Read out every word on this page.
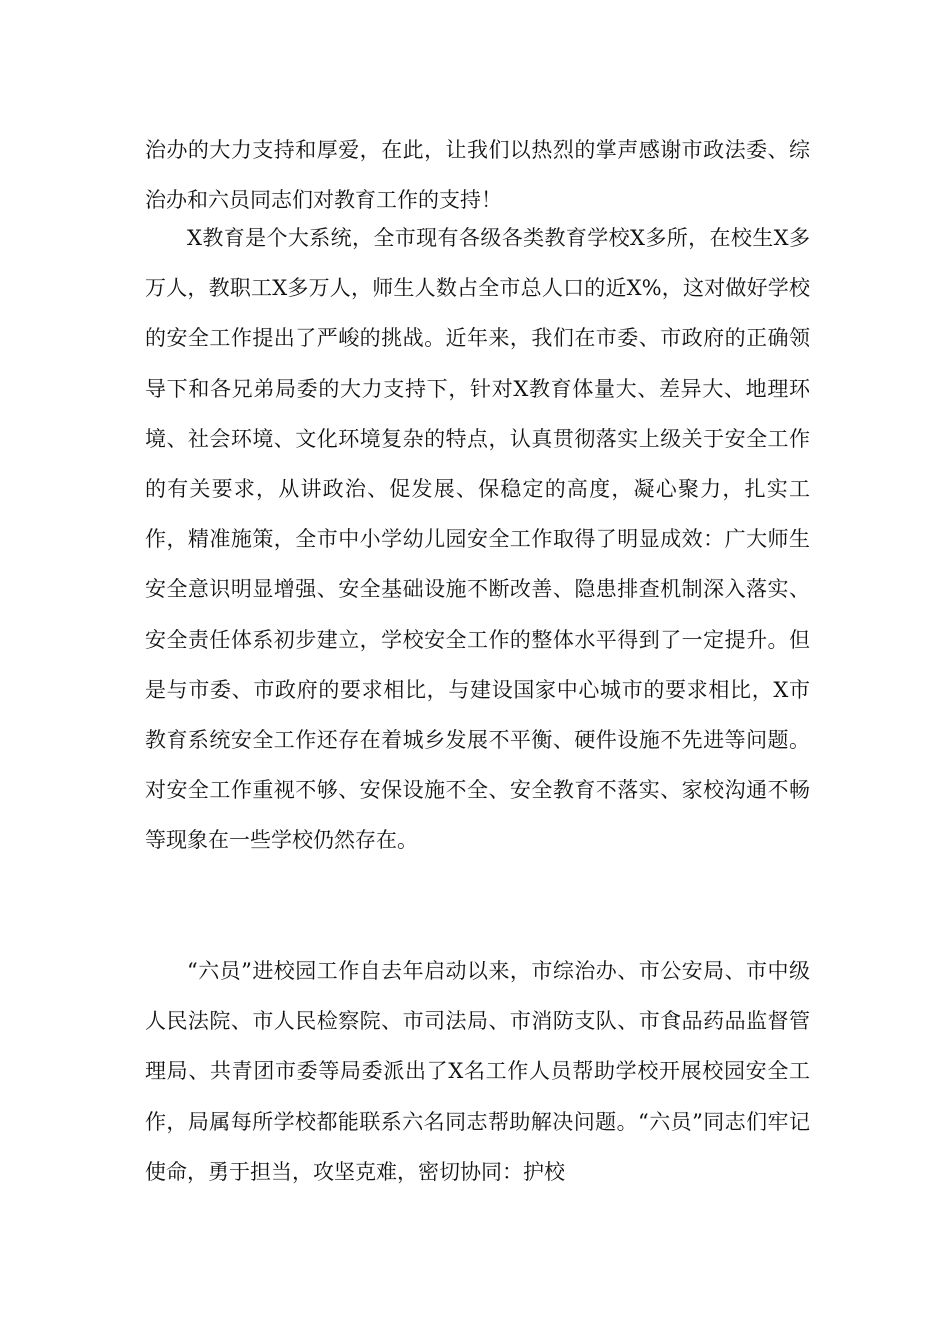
治办的大力支持和厚爱，在此，让我们以热烈的掌声感谢市政法委、综治办和六员同志们对教育工作的支持！

X教育是个大系统，全市现有各级各类教育学校X多所，在校生X多万人，教职工X多万人，师生人数占全市总人口的近X%，这对做好学校的安全工作提出了严峻的挑战。近年来，我们在市委、市政府的正确领导下和各兄弟局委的大力支持下，针对X教育体量大、差异大、地理环境、社会环境、文化环境复杂的特点，认真贯彻落实上级关于安全工作的有关要求，从讲政治、促发展、保稳定的高度，凝心聚力，扎实工作，精准施策，全市中小学幼儿园安全工作取得了明显成效：广大师生安全意识明显增强、安全基础设施不断改善、隐患排查机制深入落实、安全责任体系初步建立，学校安全工作的整体水平得到了一定提升。但是与市委、市政府的要求相比，与建设国家中心城市的要求相比，X市教育系统安全工作还存在着城乡发展不平衡、硬件设施不先进等问题。对安全工作重视不够、安保设施不全、安全教育不落实、家校沟通不畅等现象在一些学校仍然存在。

“六员”进校园工作自去年启动以来，市综治办、市公安局、市中级人民法院、市人民检察院、市司法局、市消防支队、市食品药品监督管理局、共青团市委等局委派出了X名工作人员帮助学校开展校园安全工作，局属每所学校都能联系六名同志帮助解决问题。“六员”同志们牢记使命，勇于担当，攻坚克难，密切协同：护校
